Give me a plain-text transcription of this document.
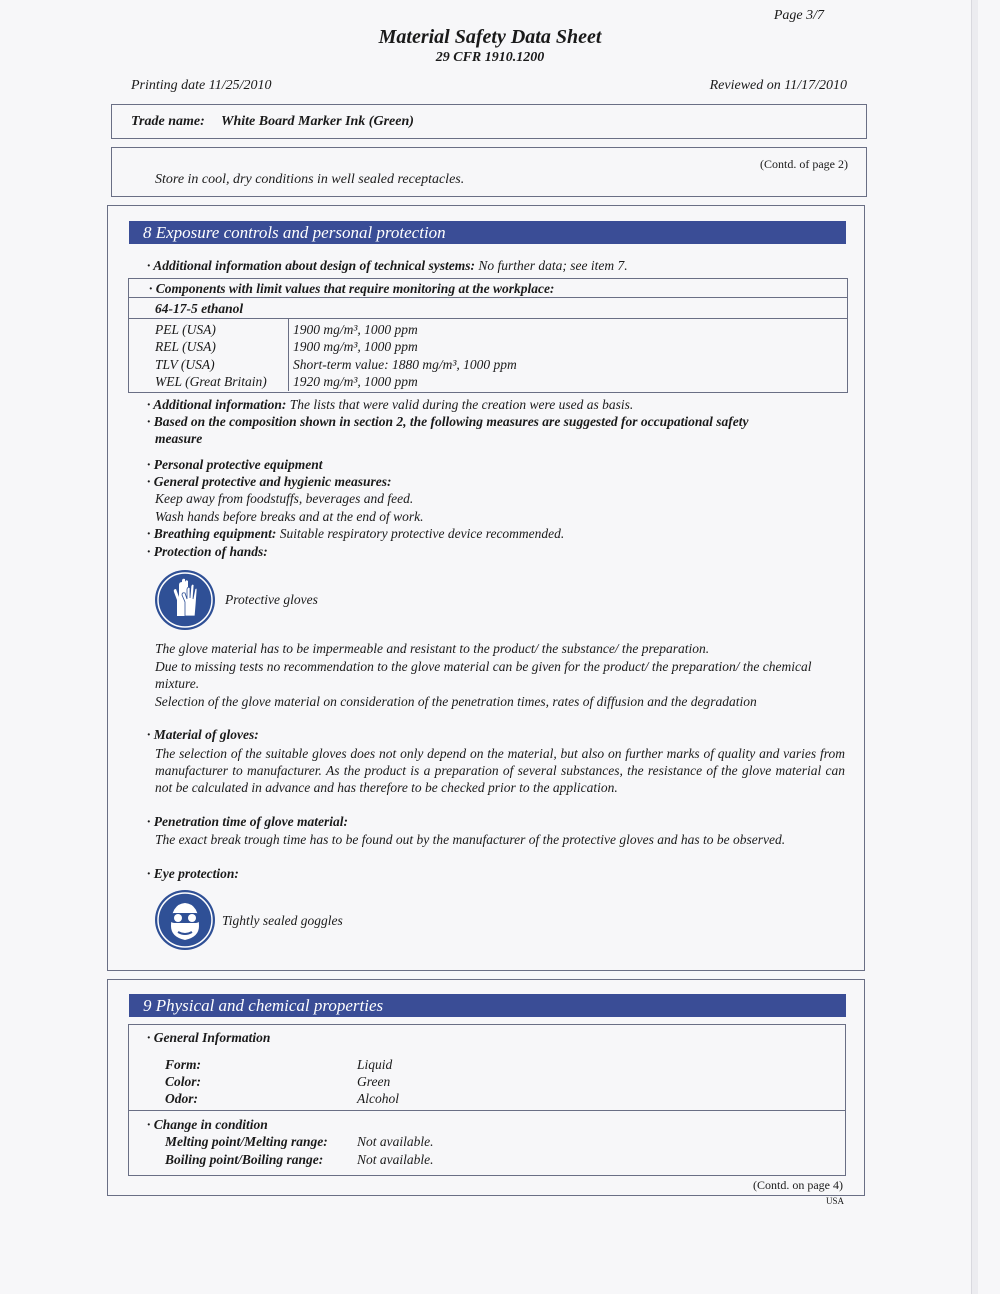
Page 3/7
Material Safety Data Sheet
29 CFR 1910.1200
Printing date 11/25/2010	Reviewed on 11/17/2010
Trade name: White Board Marker Ink (Green)
(Contd. of page 2)
Store in cool, dry conditions in well sealed receptacles.
8 Exposure controls and personal protection
· Additional information about design of technical systems: No further data; see item 7.
· Components with limit values that require monitoring at the workplace:
64-17-5 ethanol
PEL (USA)	1900 mg/m³, 1000 ppm
REL (USA)	1900 mg/m³, 1000 ppm
TLV (USA)	Short-term value: 1880 mg/m³, 1000 ppm
WEL (Great Britain) 1920 mg/m³, 1000 ppm
· Additional information: The lists that were valid during the creation were used as basis.
· Based on the composition shown in section 2, the following measures are suggested for occupational safety
measure
· Personal protective equipment
· General protective and hygienic measures:
Keep away from foodstuffs, beverages and feed.
Wash hands before breaks and at the end of work.
· Breathing equipment: Suitable respiratory protective device recommended.
· Protection of hands:
Protective gloves
The glove material has to be impermeable and resistant to the product/ the substance/ the preparation.
Due to missing tests no recommendation to the glove material can be given for the product/ the preparation/ the chemical mixture.
Selection of the glove material on consideration of the penetration times, rates of diffusion and the degradation
· Material of gloves:
The selection of the suitable gloves does not only depend on the material, but also on further marks of quality and varies from manufacturer to manufacturer. As the product is a preparation of several substances, the resistance of the glove material can not be calculated in advance and has therefore to be checked prior to the application.
· Penetration time of glove material:
The exact break trough time has to be found out by the manufacturer of the protective gloves and has to be observed.
· Eye protection:
Tightly sealed goggles
9 Physical and chemical properties
· General Information
Form:	Liquid
Color:	Green
Odor:	Alcohol
· Change in condition
Melting point/Melting range: Not available.
Boiling point/Boiling range: Not available.
(Contd. on page 4)
USA
